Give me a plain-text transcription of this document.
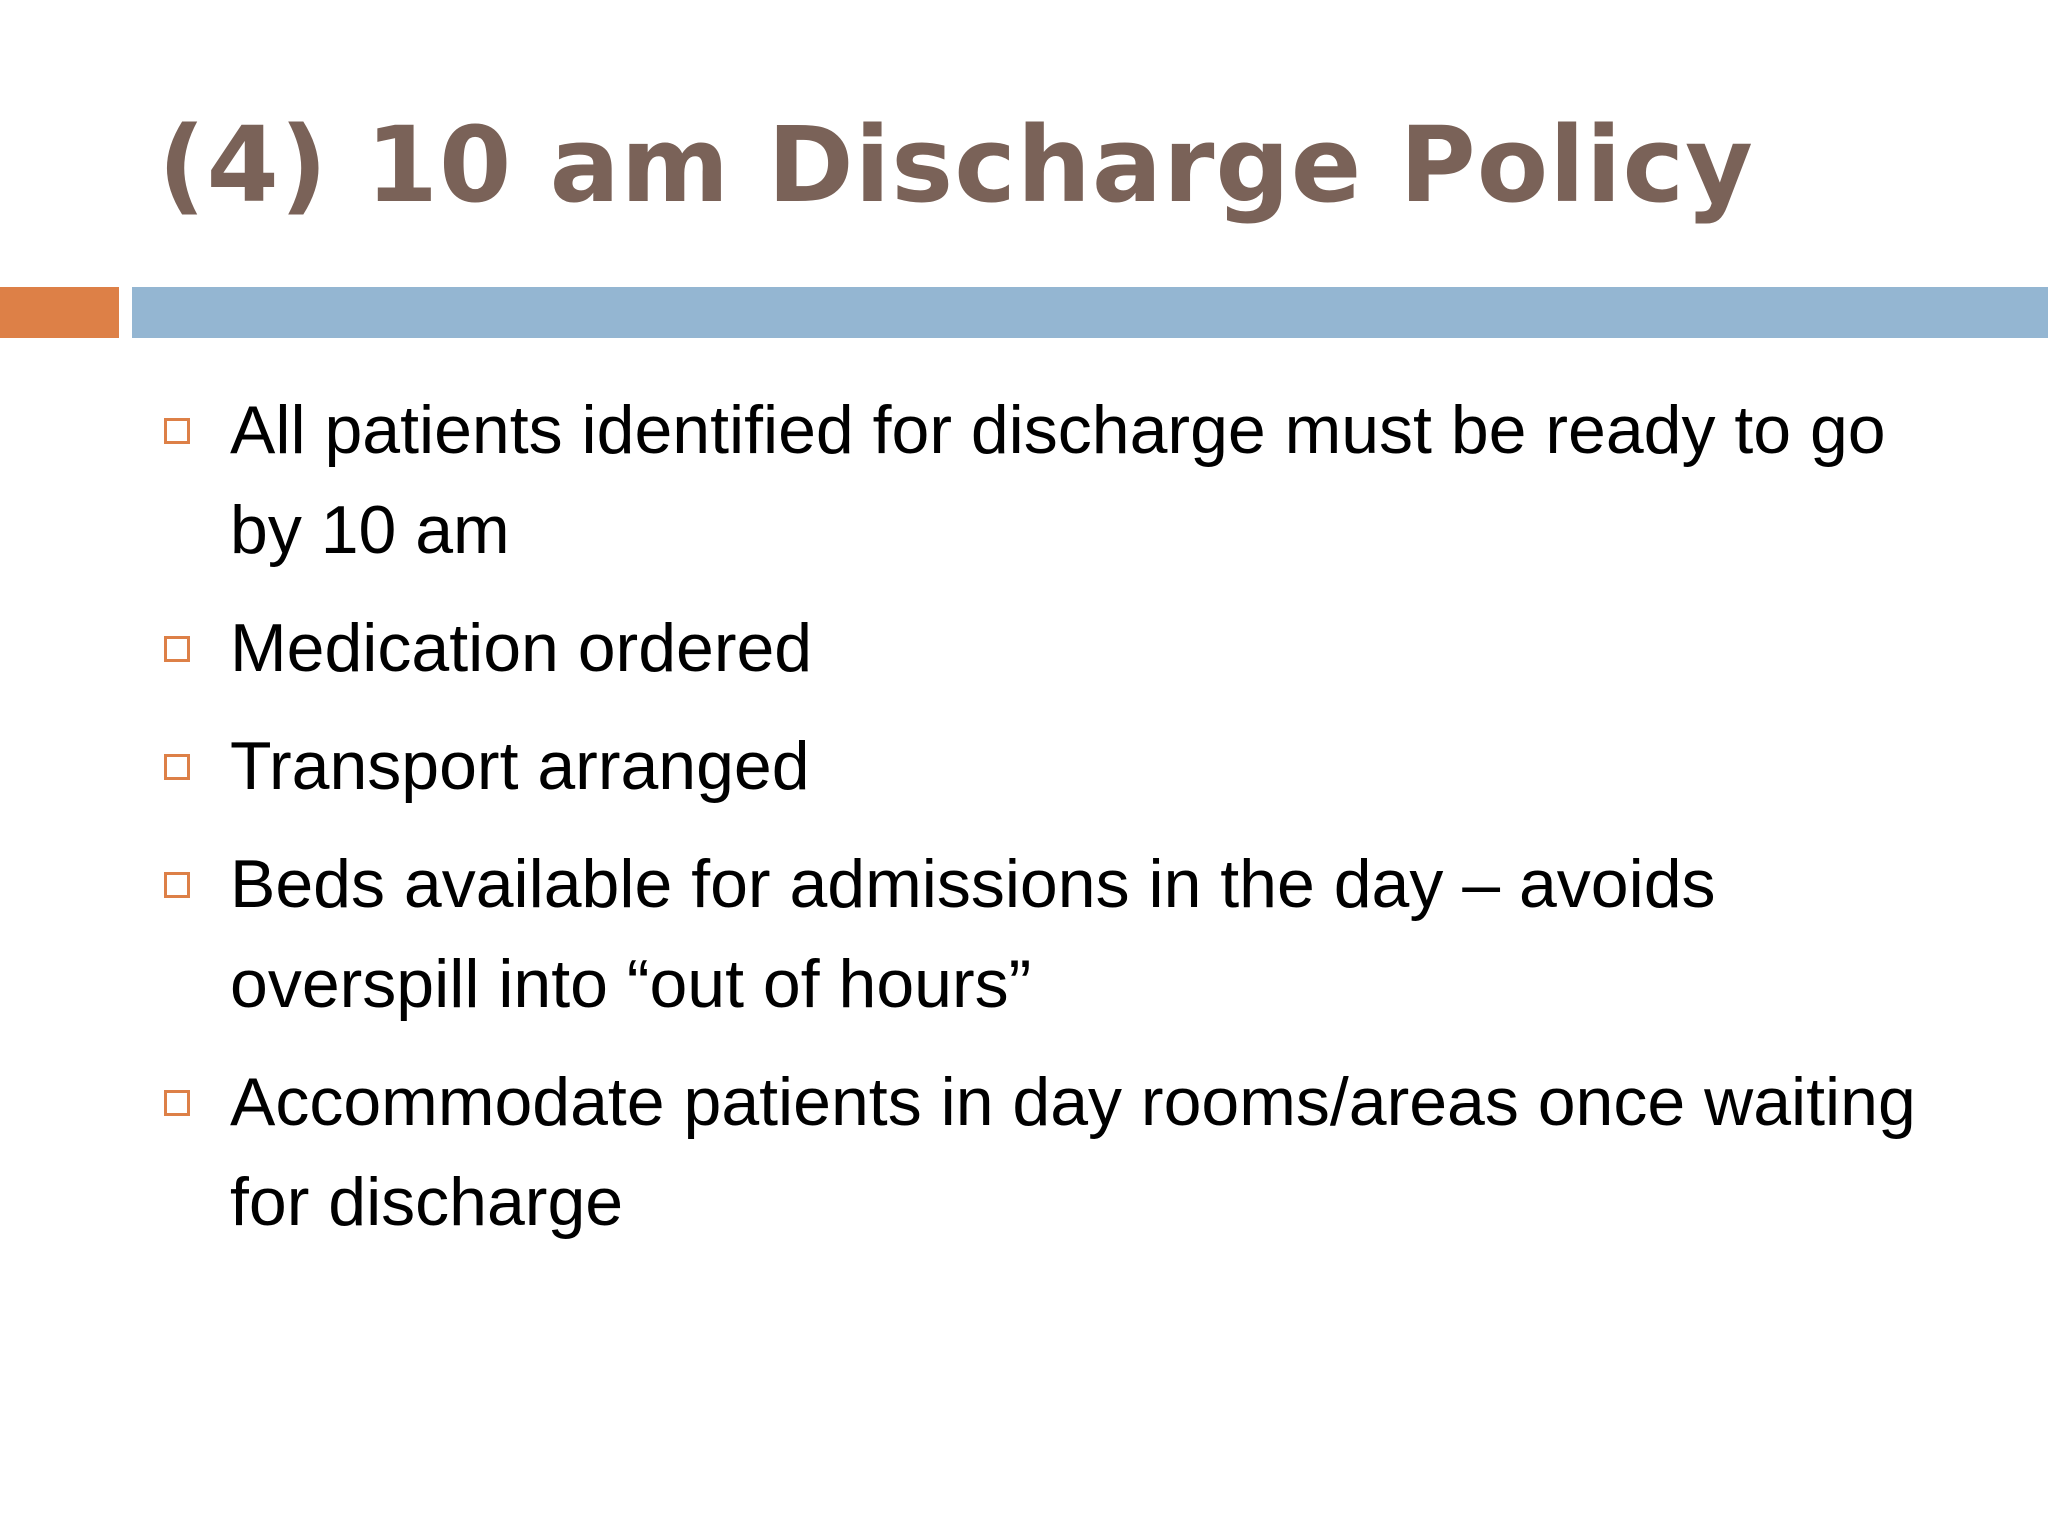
(4) 10 am Discharge Policy
All patients identified for discharge must be ready to go by 10 am
Medication ordered
Transport arranged
Beds available for admissions in the day – avoids overspill into “out of hours”
Accommodate patients in day rooms/areas once waiting for discharge
